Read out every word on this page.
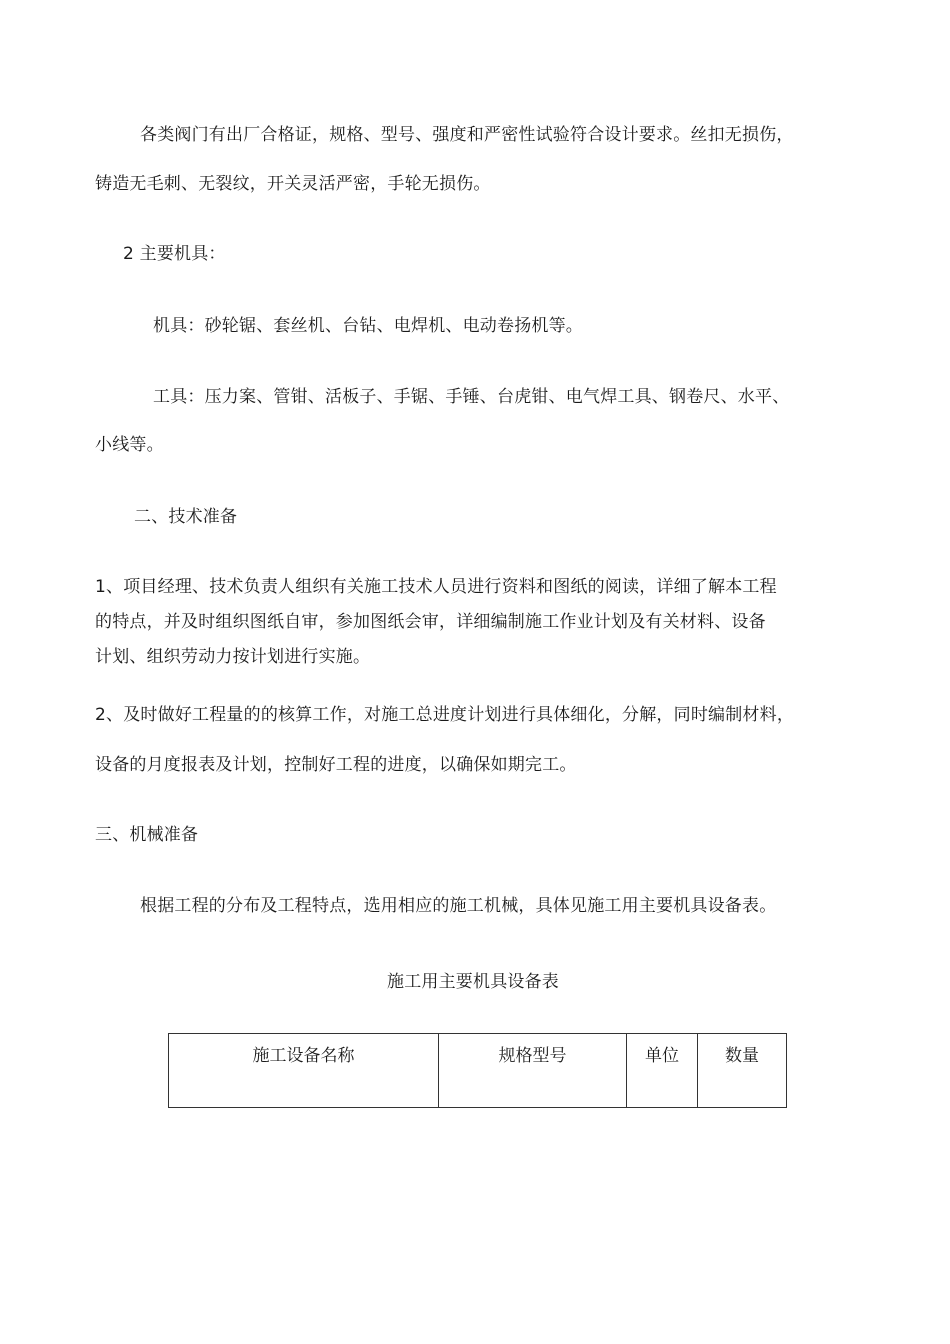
各类阀门有出厂合格证，规格、型号、强度和严密性试验符合设计要求。丝扣无损伤，
铸造无毛刺、无裂纹，开关灵活严密，手轮无损伤。
2 主要机具：
机具：砂轮锯、套丝机、台钻、电焊机、电动卷扬机等。
工具：压力案、管钳、活板子、手锯、手锤、台虎钳、电气焊工具、钢卷尺、水平、
小线等。
二、技术准备
1、项目经理、技术负责人组织有关施工技术人员进行资料和图纸的阅读，详细了解本工程
的特点，并及时组织图纸自审，参加图纸会审，详细编制施工作业计划及有关材料、设备
计划、组织劳动力按计划进行实施。
2、及时做好工程量的的核算工作，对施工总进度计划进行具体细化，分解，同时编制材料，
设备的月度报表及计划，控制好工程的进度，以确保如期完工。
三、机械准备
根据工程的分布及工程特点，选用相应的施工机械，具体见施工用主要机具设备表。
施工用主要机具设备表
施工设备名称	规格型号	单位	数量
